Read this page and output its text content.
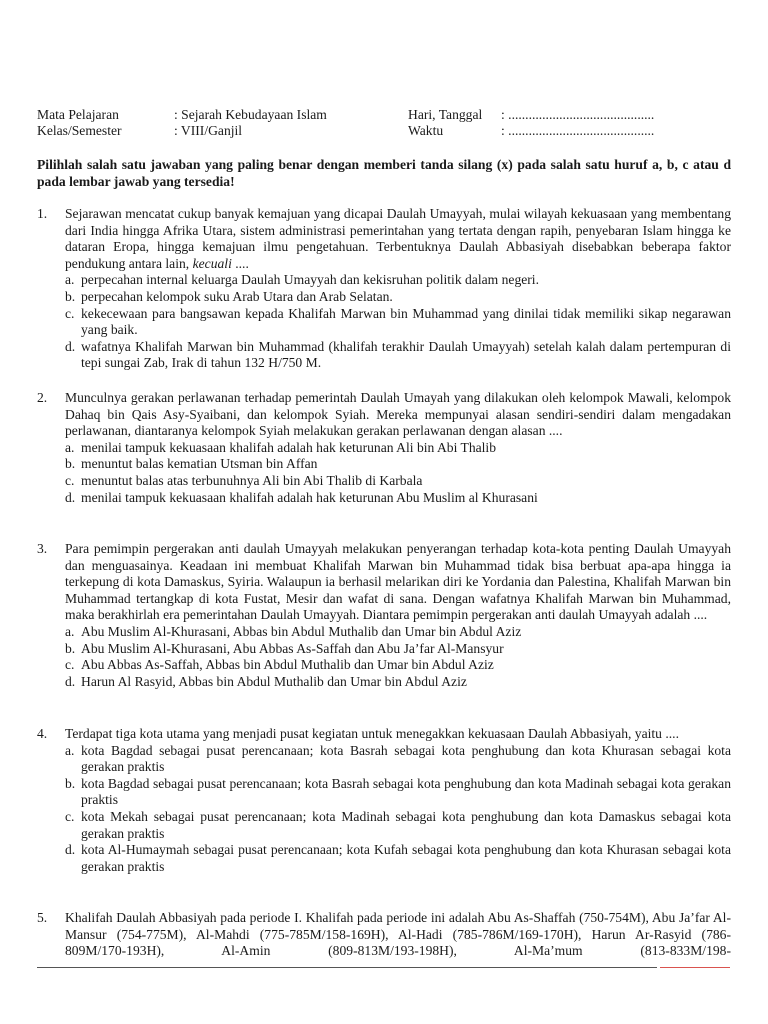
Mata Pelajaran	: Sejarah Kebudayaan Islam	Hari, Tanggal : ...........................................
Kelas/Semester	: VIII/Ganjil	Waktu	: ...........................................
Pilihlah salah satu jawaban yang paling benar dengan memberi tanda silang (x) pada salah satu huruf a, b, c atau d pada lembar jawab yang tersedia!
1. Sejarawan mencatat cukup banyak kemajuan yang dicapai Daulah Umayyah, mulai wilayah kekuasaan yang membentang dari India hingga Afrika Utara, sistem administrasi pemerintahan yang tertata dengan rapih, penyebaran Islam hingga ke dataran Eropa, hingga kemajuan ilmu pengetahuan. Terbentuknya Daulah Abbasiyah disebabkan beberapa faktor pendukung antara lain, kecuali ....
a. perpecahan internal keluarga Daulah Umayyah dan kekisruhan politik dalam negeri.
b. perpecahan kelompok suku Arab Utara dan Arab Selatan.
c. kekecewaan para bangsawan kepada Khalifah Marwan bin Muhammad yang dinilai tidak memiliki sikap negarawan yang baik.
d. wafatnya Khalifah Marwan bin Muhammad (khalifah terakhir Daulah Umayyah) setelah kalah dalam pertempuran di tepi sungai Zab, Irak di tahun 132 H/750 M.
2. Munculnya gerakan perlawanan terhadap pemerintah Daulah Umayah yang dilakukan oleh kelompok Mawali, kelompok Dahaq bin Qais Asy-Syaibani, dan kelompok Syiah. Mereka mempunyai alasan sendiri-sendiri dalam mengadakan perlawanan, diantaranya kelompok Syiah melakukan gerakan perlawanan dengan alasan ....
a. menilai tampuk kekuasaan khalifah adalah hak keturunan Ali bin Abi Thalib
b. menuntut balas kematian Utsman bin Affan
c. menuntut balas atas terbunuhnya Ali bin Abi Thalib di Karbala
d. menilai tampuk kekuasaan khalifah adalah hak keturunan Abu Muslim al Khurasani
3. Para pemimpin pergerakan anti daulah Umayyah melakukan penyerangan terhadap kota-kota penting Daulah Umayyah dan menguasainya. Keadaan ini membuat Khalifah Marwan bin Muhammad tidak bisa berbuat apa-apa hingga ia terkepung di kota Damaskus, Syiria. Walaupun ia berhasil melarikan diri ke Yordania dan Palestina, Khalifah Marwan bin Muhammad tertangkap di kota Fustat, Mesir dan wafat di sana. Dengan wafatnya Khalifah Marwan bin Muhammad, maka berakhirlah era pemerintahan Daulah Umayyah. Diantara pemimpin pergerakan anti daulah Umayyah adalah ....
a. Abu Muslim Al-Khurasani, Abbas bin Abdul Muthalib dan Umar bin Abdul Aziz
b. Abu Muslim Al-Khurasani, Abu Abbas As-Saffah dan Abu Ja’far Al-Mansyur
c. Abu Abbas As-Saffah, Abbas bin Abdul Muthalib dan Umar bin Abdul Aziz
d. Harun Al Rasyid, Abbas bin Abdul Muthalib dan Umar bin Abdul Aziz
4. Terdapat tiga kota utama yang menjadi pusat kegiatan untuk menegakkan kekuasaan Daulah Abbasiyah, yaitu ....
a. kota Bagdad sebagai pusat perencanaan; kota Basrah sebagai kota penghubung dan kota Khurasan sebagai kota gerakan praktis
b. kota Bagdad sebagai pusat perencanaan; kota Basrah sebagai kota penghubung dan kota Madinah sebagai kota gerakan praktis
c. kota Mekah sebagai pusat perencanaan; kota Madinah sebagai kota penghubung dan kota Damaskus sebagai kota gerakan praktis
d. kota Al-Humaymah sebagai pusat perencanaan; kota Kufah sebagai kota penghubung dan kota Khurasan sebagai kota gerakan praktis
5. Khalifah Daulah Abbasiyah pada periode I. Khalifah pada periode ini adalah Abu As-Shaffah (750-754M), Abu Ja’far Al-Mansur (754-775M), Al-Mahdi (775-785M/158-169H), Al-Hadi (785-786M/169-170H), Harun Ar-Rasyid (786-809M/170-193H), Al-Amin (809-813M/193-198H), Al-Ma’mum (813-833M/198-
